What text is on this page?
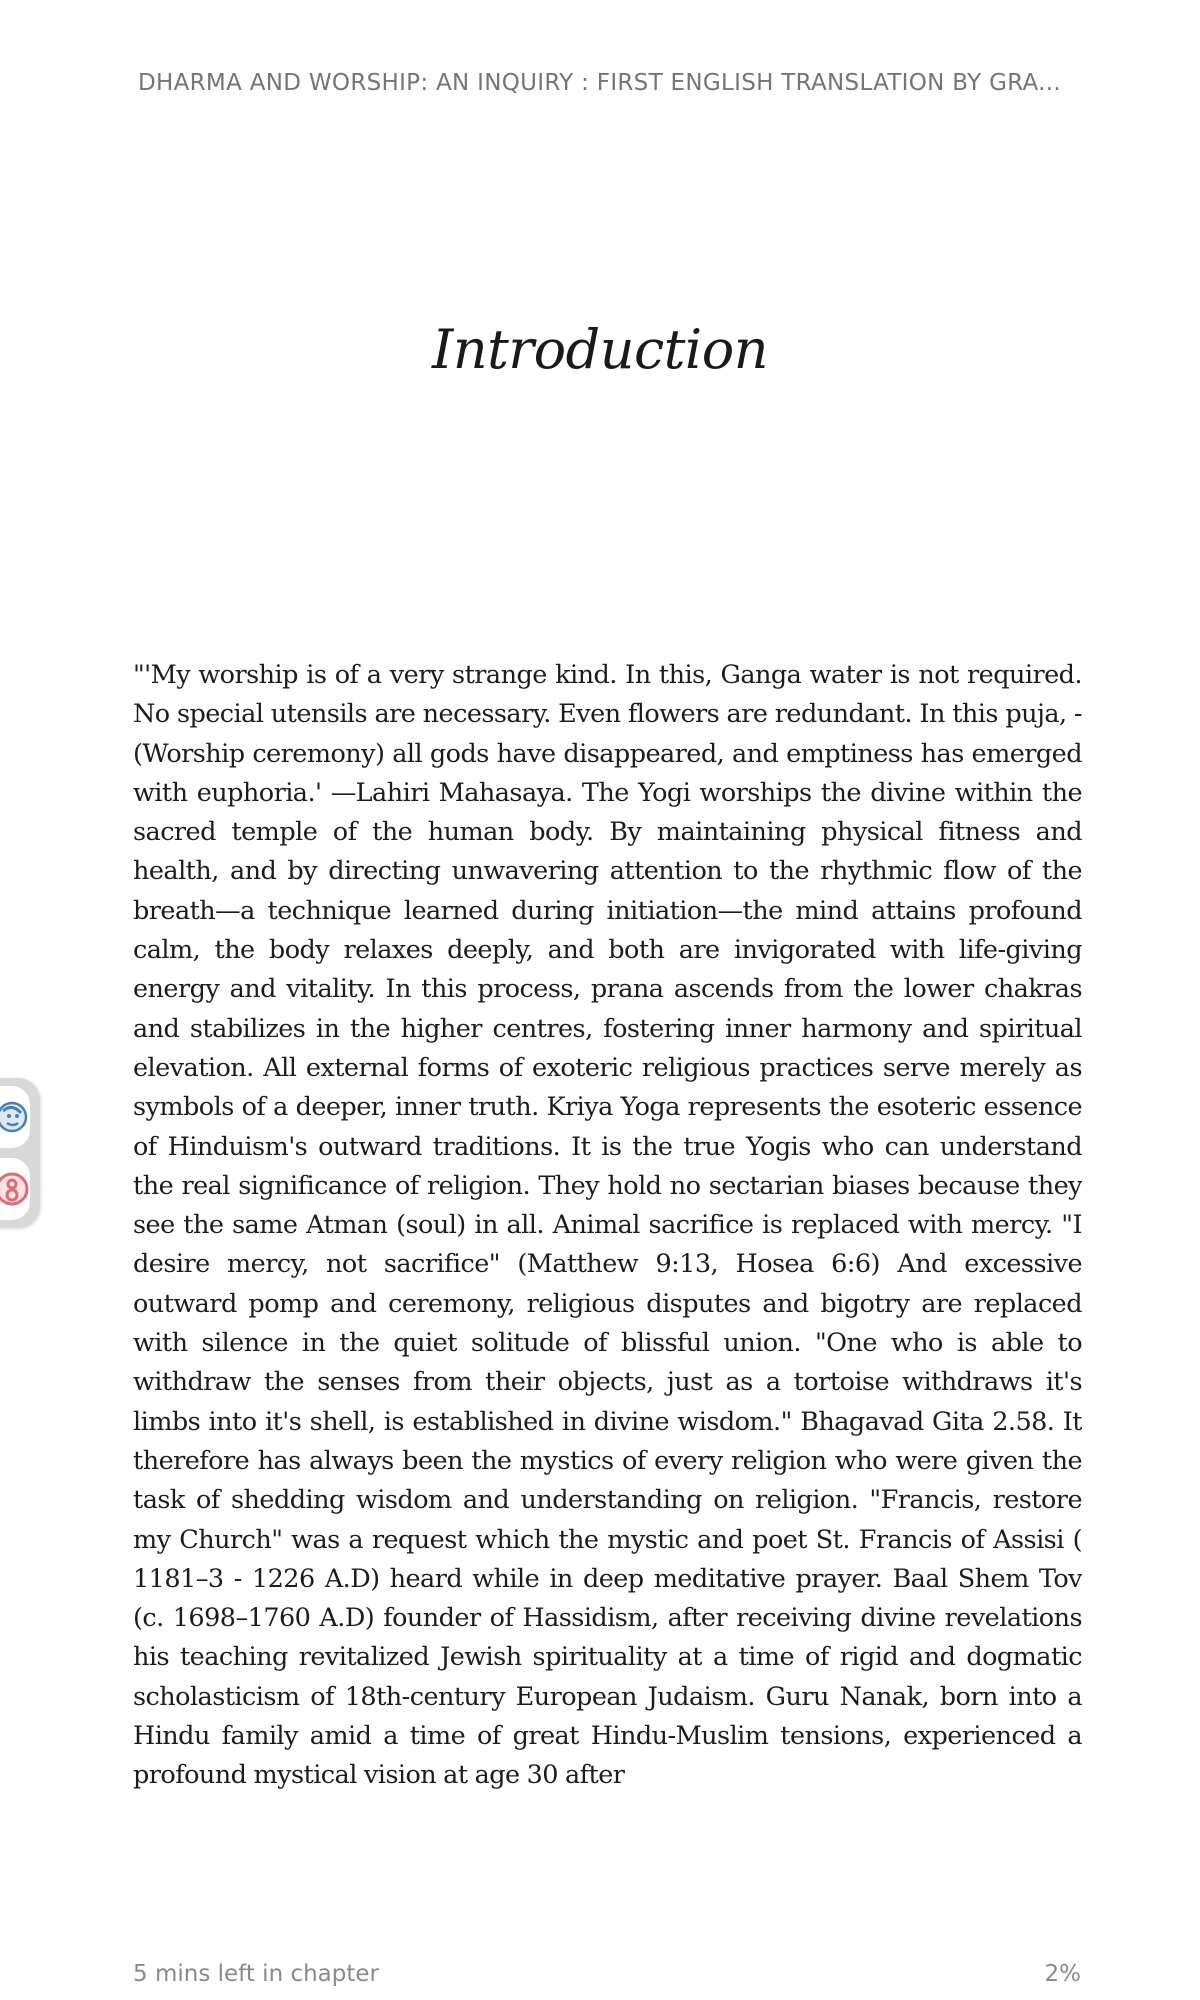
DHARMA AND WORSHIP: AN INQUIRY : FIRST ENGLISH TRANSLATION BY GRA...
Introduction
"'My worship is of a very strange kind. In this, Ganga water is not required. No special utensils are necessary. Even flowers are redundant. In this puja, -(Worship ceremony) all gods have disappeared, and emptiness has emerged with euphoria.' —Lahiri Mahasaya. The Yogi worships the divine within the sacred temple of the human body. By maintaining physical fitness and health, and by directing unwavering attention to the rhythmic flow of the breath—a technique learned during initiation—the mind attains profound calm, the body relaxes deeply, and both are invigorated with life-giving energy and vitality. In this process, prana ascends from the lower chakras and stabilizes in the higher centres, fostering inner harmony and spiritual elevation. All external forms of exoteric religious practices serve merely as symbols of a deeper, inner truth. Kriya Yoga represents the esoteric essence of Hinduism's outward traditions. It is the true Yogis who can understand the real significance of religion. They hold no sectarian biases because they see the same Atman (soul) in all. Animal sacrifice is replaced with mercy. "I desire mercy, not sacrifice" (Matthew 9:13, Hosea 6:6) And excessive outward pomp and ceremony, religious disputes and bigotry are replaced with silence in the quiet solitude of blissful union. "One who is able to withdraw the senses from their objects, just as a tortoise withdraws it's limbs into it's shell, is established in divine wisdom." Bhagavad Gita 2.58. It therefore has always been the mystics of every religion who were given the task of shedding wisdom and understanding on religion. "Francis, restore my Church" was a request which the mystic and poet St. Francis of Assisi ( 1181–3 - 1226 A.D) heard while in deep meditative prayer. Baal Shem Tov (c. 1698–1760 A.D) founder of Hassidism, after receiving divine revelations his teaching revitalized Jewish spirituality at a time of rigid and dogmatic scholasticism of 18th-century European Judaism. Guru Nanak, born into a Hindu family amid a time of great Hindu-Muslim tensions, experienced a profound mystical vision at age 30 after
5 mins left in chapter	2%
